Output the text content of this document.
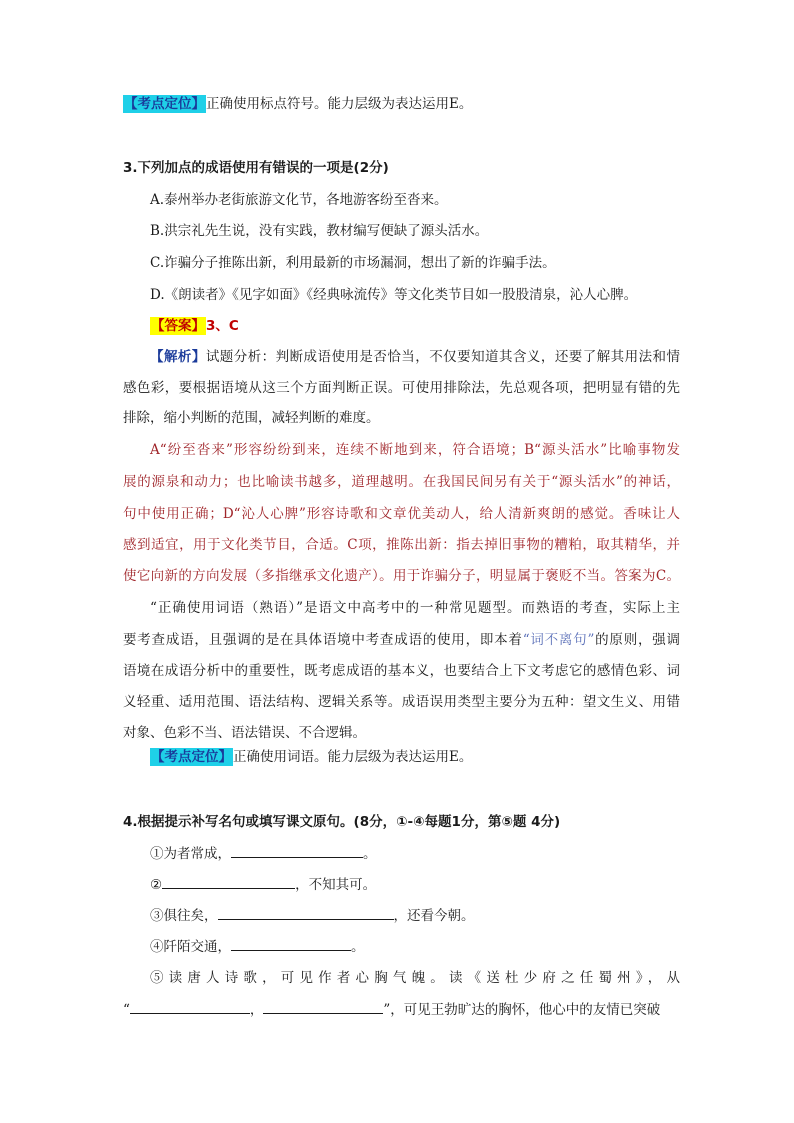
【考点定位】正确使用标点符号。能力层级为表达运用E。
3.下列加点的成语使用有错误的一项是(2分)
A.泰州举办老街旅游文化节，各地游客纷至沓来。
B.洪宗礼先生说，没有实践，教材编写便缺了源头活水。
C.诈骗分子推陈出新，利用最新的市场漏洞，想出了新的诈骗手法。
D.《朗读者》《见字如面》《经典咏流传》等文化类节目如一股股清泉，沁人心脾。
【答案】3、C
【解析】试题分析：判断成语使用是否恰当，不仅要知道其含义，还要了解其用法和情
感色彩，要根据语境从这三个方面判断正误。可使用排除法，先总观各项，把明显有错的先
排除，缩小判断的范围，减轻判断的难度。
A“纷至沓来”形容纷纷到来，连续不断地到来，符合语境；B“源头活水”比喻事物发
展的源泉和动力；也比喻读书越多，道理越明。在我国民间另有关于“源头活水”的神话，
句中使用正确；D“沁人心脾”形容诗歌和文章优美动人，给人清新爽朗的感觉。香味让人
感到适宜，用于文化类节目，合适。C项，推陈出新：指去掉旧事物的糟粕，取其精华，并
使它向新的方向发展（多指继承文化遗产）。用于诈骗分子，明显属于褒贬不当。答案为C。
“正确使用词语（熟语）”是语文中高考中的一种常见题型。而熟语的考查，实际上主
要考查成语，且强调的是在具体语境中考查成语的使用，即本着“词不离句”的原则，强调
语境在成语分析中的重要性，既考虑成语的基本义，也要结合上下文考虑它的感情色彩、词
义轻重、适用范围、语法结构、逻辑关系等。成语误用类型主要分为五种：望文生义、用错
对象、色彩不当、语法错误、不合逻辑。
【考点定位】正确使用词语。能力层级为表达运用E。
4.根据提示补写名句或填写课文原句。(8分，①-④每题1分，第⑤题 4分)
①为者常成，	。
②	，不知其可。
③俱往矣，	，还看今朝。
④阡陌交通，	。
⑤读唐人诗歌，可见作者心胸气魄。读《送杜少府之任蜀州》，从
“	，	”，可见王勃旷达的胸怀，他心中的友情已突破
